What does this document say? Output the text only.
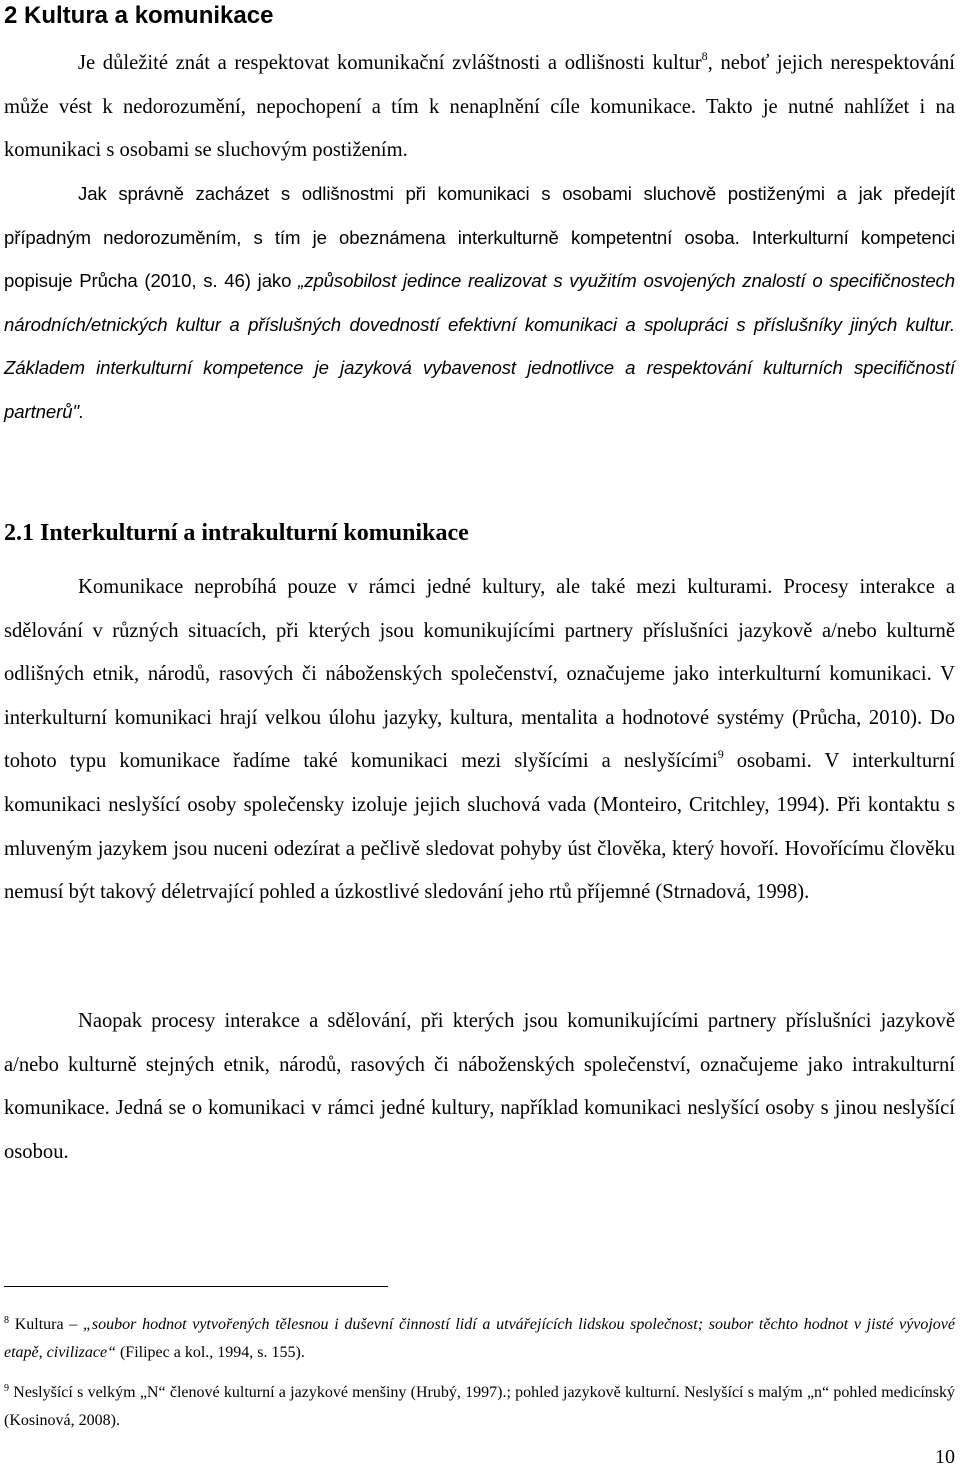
2 Kultura a komunikace

Je důležité znát a respektovat komunikační zvláštnosti a odlišnosti kultur$^8$, neboť jejich nerespektování může vést k nedorozumění, nepochopení a tím k nenaplnění cíle komunikace. Takto je nutné nahlížet i na komunikaci s osobami se sluchovým postižením.

Jak správně zacházet s odlišnostmi při komunikaci s osobami sluchově postiženými a jak předejít případným nedorozuměním, s tím je obeznámena interkulturně kompetentní osoba. Interkulturní kompetenci popisuje Průcha (2010, s. 46) jako „způsobilost jedince realizovat s využitím osvojených znalostí o specifičnostech národních/etnických kultur a příslušných dovedností efektivní komunikaci a spolupráci s příslušníky jiných kultur. Základem interkulturní kompetence je jazyková vybavenost jednotlivce a respektování kulturních specifičností partnerů".

2.1 Interkulturní a intrakulturní komunikace

Komunikace neprobíhá pouze v rámci jedné kultury, ale také mezi kulturami. Procesy interakce a sdělování v různých situacích, při kterých jsou komunikujícími partnery příslušníci jazykově a/nebo kulturně odlišných etnik, národů, rasových či náboženských společenství, označujeme jako interkulturní komunikaci. V interkulturní komunikaci hrají velkou úlohu jazyky, kultura, mentalita a hodnotové systémy (Průcha, 2010). Do tohoto typu komunikace řadíme také komunikaci mezi slyšícími a neslyšícími$^9$ osobami. V interkulturní komunikaci neslyšící osoby společensky izoluje jejich sluchová vada (Monteiro, Critchley, 1994). Při kontaktu s mluveným jazykem jsou nuceni odezírat a pečlivě sledovat pohyby úst člověka, který hovoří. Hovořícímu člověku nemusí být takový déletrvající pohled a úzkostlivé sledování jeho rtů příjemné (Strnadová, 1998).

Naopak procesy interakce a sdělování, při kterých jsou komunikujícími partnery příslušníci jazykově a/nebo kulturně stejných etnik, národů, rasových či náboženských společenství, označujeme jako intrakulturní komunikace. Jedná se o komunikaci v rámci jedné kultury, například komunikaci neslyšící osoby s jinou neslyšící osobou.

$^8$ Kultura – „soubor hodnot vytvořených tělesnou i duševní činností lidí a utvářejících lidskou společnost; soubor těchto hodnot v jisté vývojové etapě, civilizace“ (Filipec a kol., 1994, s. 155).

$^9$ Neslyšící s velkým „N“ členové kulturní a jazykové menšiny (Hrubý, 1997).; pohled jazykově kulturní. Neslyšící s malým „n“ pohled medicínský (Kosinová, 2008).

10
